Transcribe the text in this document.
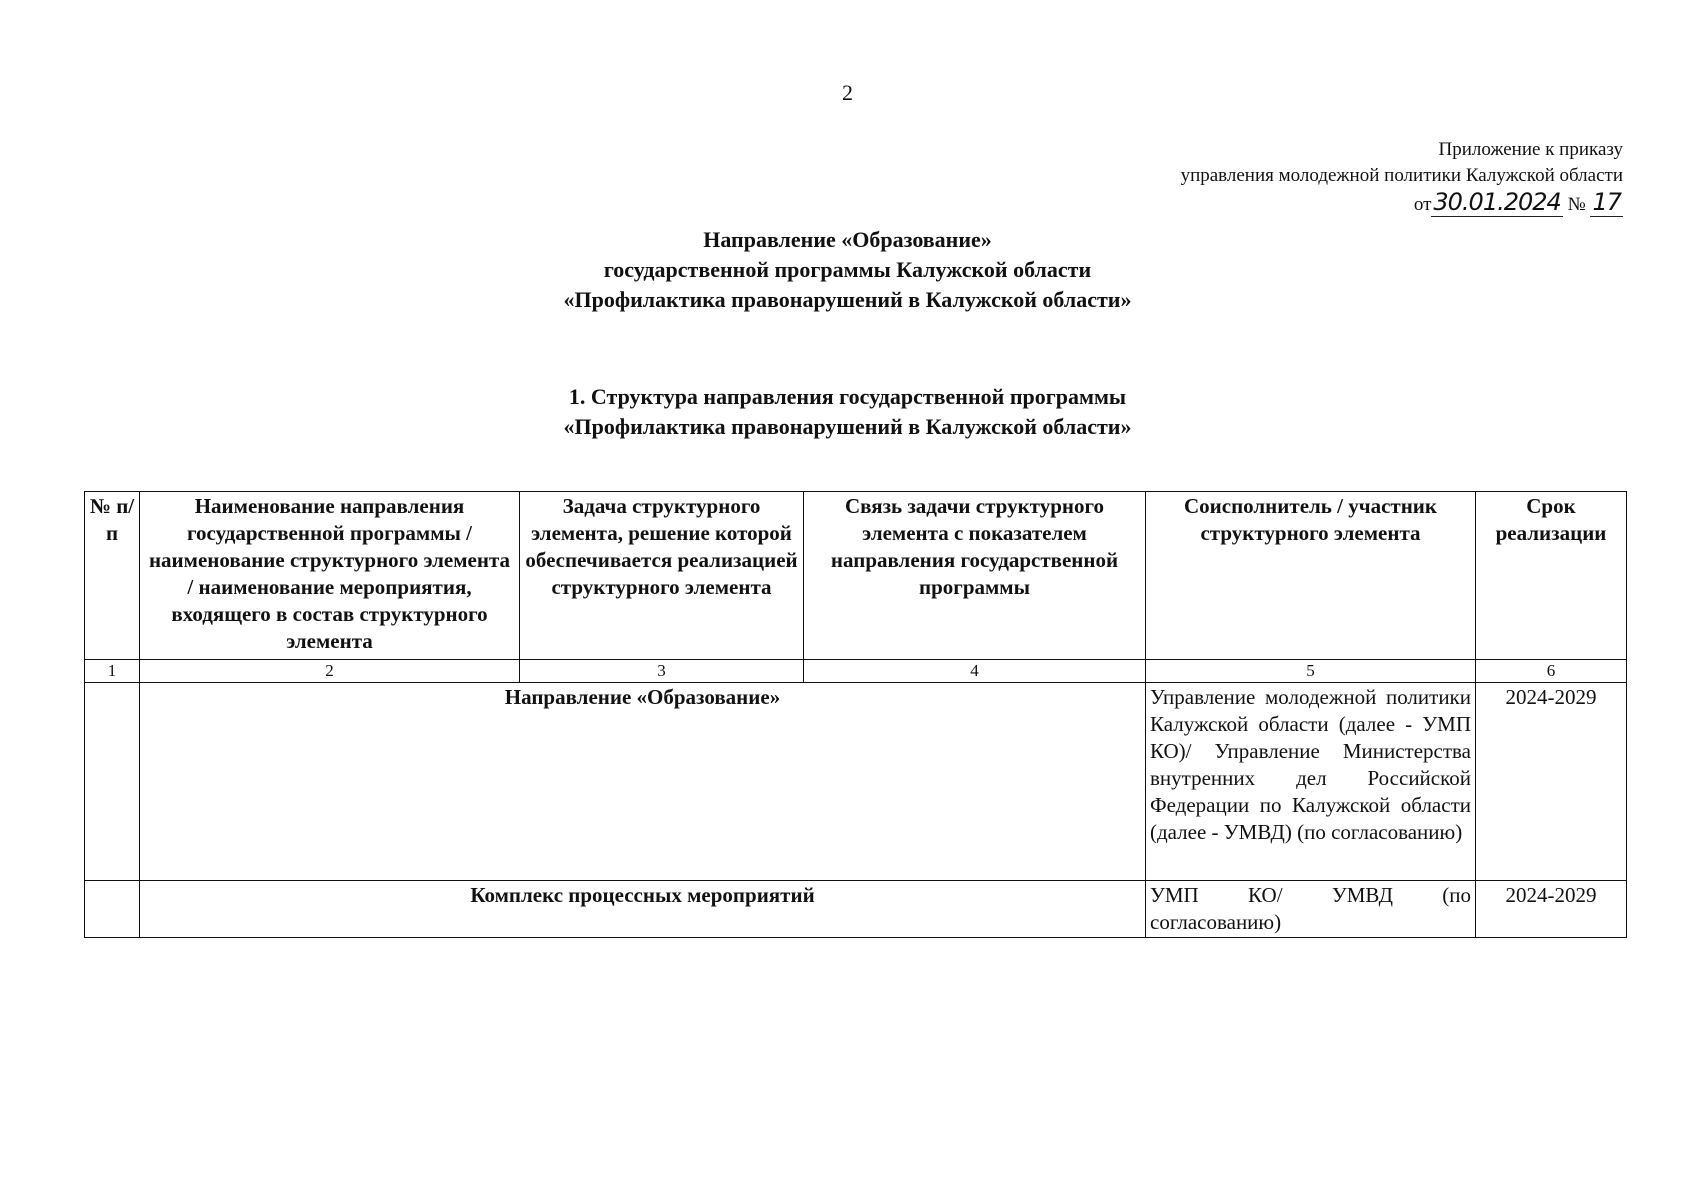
2
Приложение к приказу
управления молодежной политики Калужской области
от30.01.2024 № 17
Направление «Образование»
государственной программы Калужской области
«Профилактика правонарушений в Калужской области»
1. Структура направления государственной программы
«Профилактика правонарушений в Калужской области»
№ п/п	Наименование направления государственной программы / наименование структурного элемента / наименование мероприятия, входящего в состав структурного элемента	Задача структурного элемента, решение которой обеспечивается реализацией структурного элемента	Связь задачи структурного элемента с показателем направления государственной программы	Соисполнитель / участник структурного элемента	Срок реализации
1	2	3	4	5	6
	Направление «Образование»			Управление молодежной политики Калужской области (далее - УМП КО)/ Управление Министерства внутренних дел Российской Федерации по Калужской области (далее - УМВД) (по согласованию)	2024-2029
	Комплекс процессных мероприятий			УМП КО/ УМВД (по согласованию)	2024-2029
